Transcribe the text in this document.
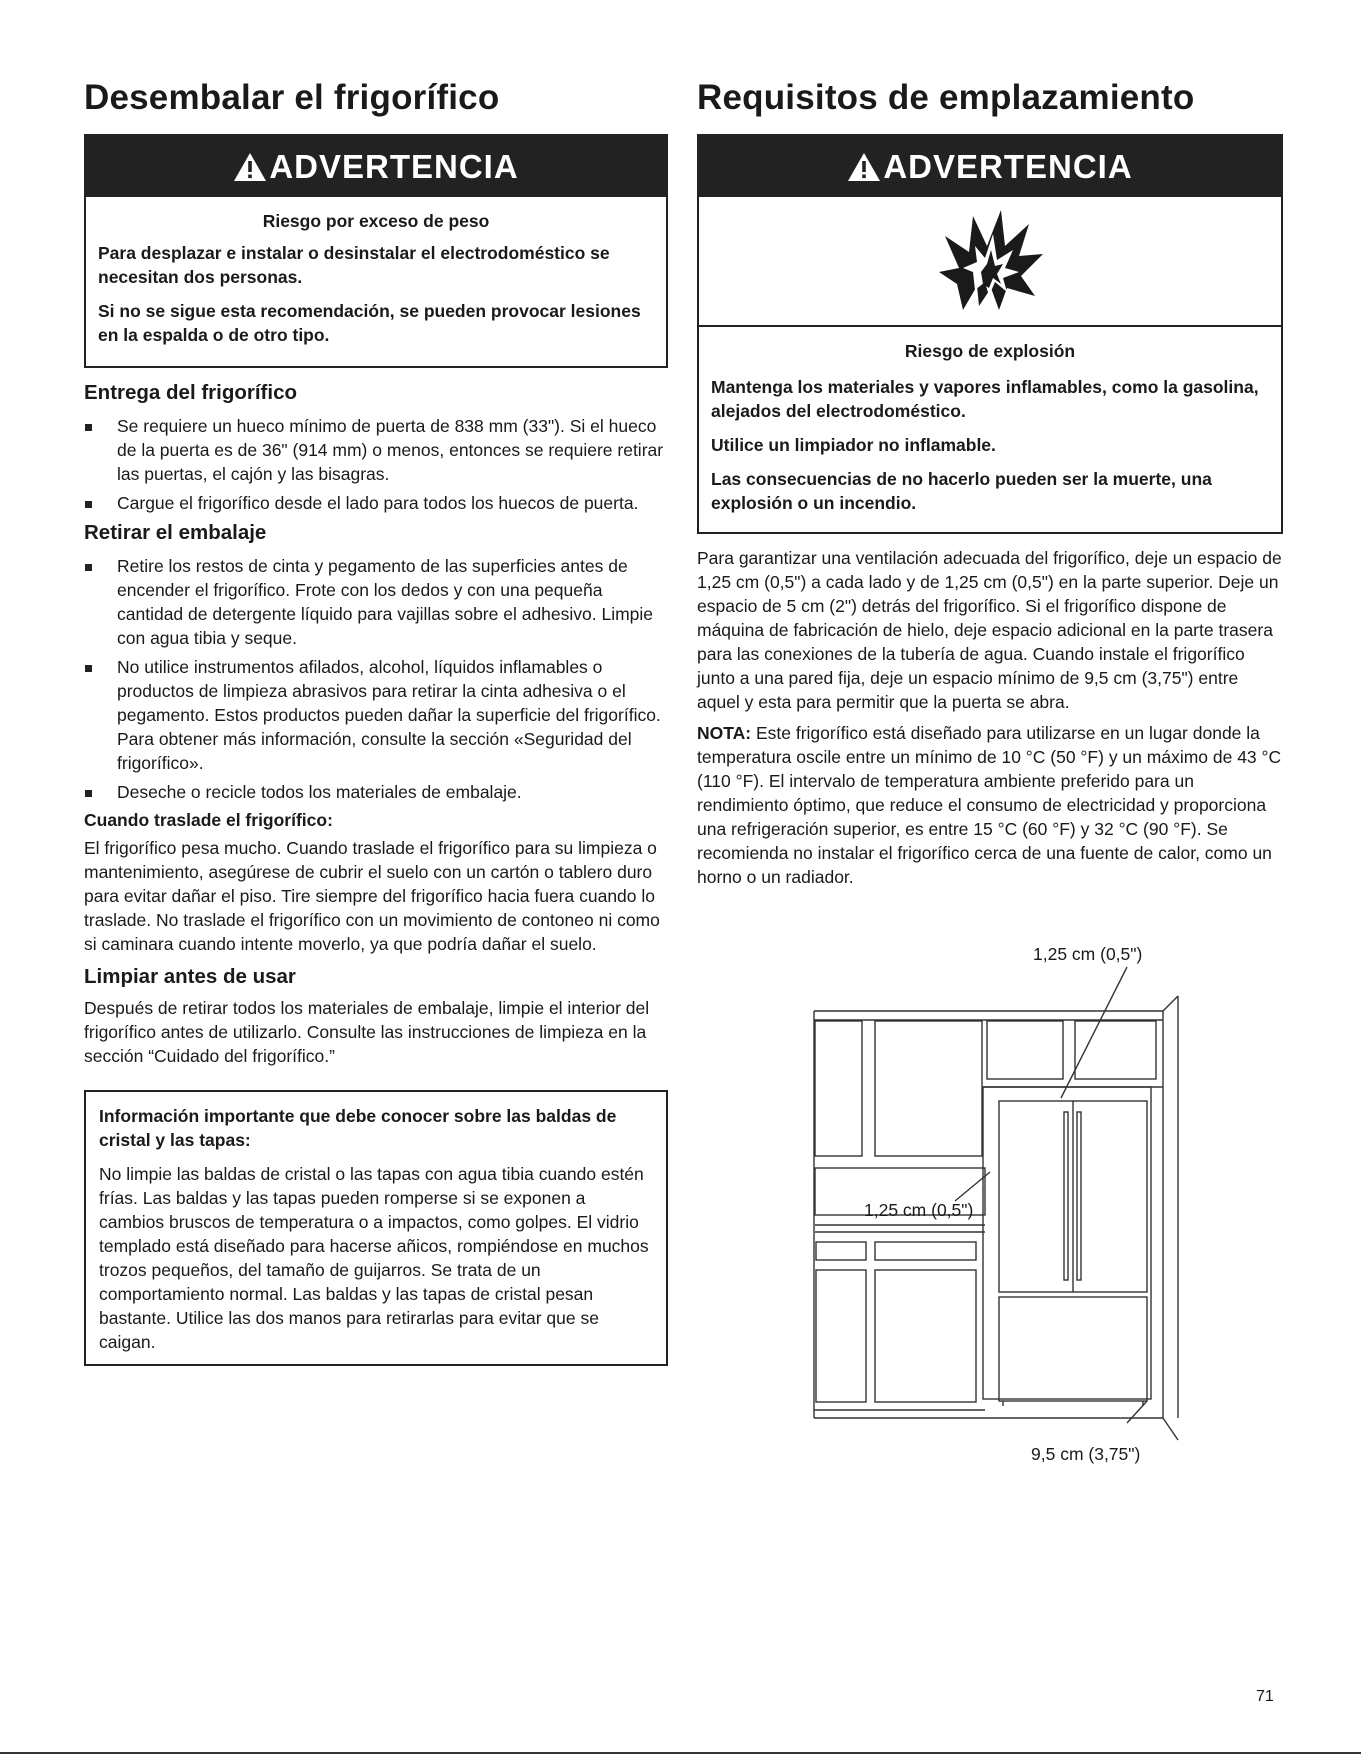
Desembalar el frigorífico
ADVERTENCIA
Riesgo por exceso de peso
Para desplazar e instalar o desinstalar el electrodoméstico se necesitan dos personas.
Si no se sigue esta recomendación, se pueden provocar lesiones en la espalda o de otro tipo.
Entrega del frigorífico
Se requiere un hueco mínimo de puerta de 838 mm (33"). Si el hueco de la puerta es de 36" (914 mm) o menos, entonces se requiere retirar las puertas, el cajón y las bisagras.
Cargue el frigorífico desde el lado para todos los huecos de puerta.
Retirar el embalaje
Retire los restos de cinta y pegamento de las superficies antes de encender el frigorífico. Frote con los dedos y con una pequeña cantidad de detergente líquido para vajillas sobre el adhesivo. Limpie con agua tibia y seque.
No utilice instrumentos afilados, alcohol, líquidos inflamables o productos de limpieza abrasivos para retirar la cinta adhesiva o el pegamento. Estos productos pueden dañar la superficie del frigorífico. Para obtener más información, consulte la sección «Seguridad del frigorífico».
Deseche o recicle todos los materiales de embalaje.
Cuando traslade el frigorífico:

El frigorífico pesa mucho. Cuando traslade el frigorífico para su limpieza o mantenimiento, asegúrese de cubrir el suelo con un cartón o tablero duro para evitar dañar el piso. Tire siempre del frigorífico hacia fuera cuando lo traslade. No traslade el frigorífico con un movimiento de contoneo ni como si caminara cuando intente moverlo, ya que podría dañar el suelo.

Limpiar antes de usar

Después de retirar todos los materiales de embalaje, limpie el interior del frigorífico antes de utilizarlo. Consulte las instrucciones de limpieza en la sección “Cuidado del frigorífico.”

Información importante que debe conocer sobre las baldas de cristal y las tapas:

No limpie las baldas de cristal o las tapas con agua tibia cuando estén frías. Las baldas y las tapas pueden romperse si se exponen a cambios bruscos de temperatura o a impactos, como golpes. El vidrio templado está diseñado para hacerse añicos, rompiéndose en muchos trozos pequeños, del tamaño de guijarros. Se trata de un comportamiento normal. Las baldas y las tapas de cristal pesan bastante. Utilice las dos manos para retirarlas para evitar que se caigan.

Requisitos de emplazamiento
ADVERTENCIA
Riesgo de explosión
Mantenga los materiales y vapores inflamables, como la gasolina, alejados del electrodoméstico.
Utilice un limpiador no inflamable.
Las consecuencias de no hacerlo pueden ser la muerte, una explosión o un incendio.

Para garantizar una ventilación adecuada del frigorífico, deje un espacio de 1,25 cm (0,5") a cada lado y de 1,25 cm (0,5") en la parte superior. Deje un espacio de 5 cm (2") detrás del frigorífico. Si el frigorífico dispone de máquina de fabricación de hielo, deje espacio adicional en la parte trasera para las conexiones de la tubería de agua. Cuando instale el frigorífico junto a una pared fija, deje un espacio mínimo de 9,5 cm (3,75") entre aquel y esta para permitir que la puerta se abra.

NOTA: Este frigorífico está diseñado para utilizarse en un lugar donde la temperatura oscile entre un mínimo de 10 °C (50 °F) y un máximo de 43 °C (110 °F). El intervalo de temperatura ambiente preferido para un rendimiento óptimo, que reduce el consumo de electricidad y proporciona una refrigeración superior, es entre 15 °C (60 °F) y 32 °C (90 °F). Se recomienda no instalar el frigorífico cerca de una fuente de calor, como un horno o un radiador.

1,25 cm (0,5")
1,25 cm (0,5")
9,5 cm (3,75")
71
